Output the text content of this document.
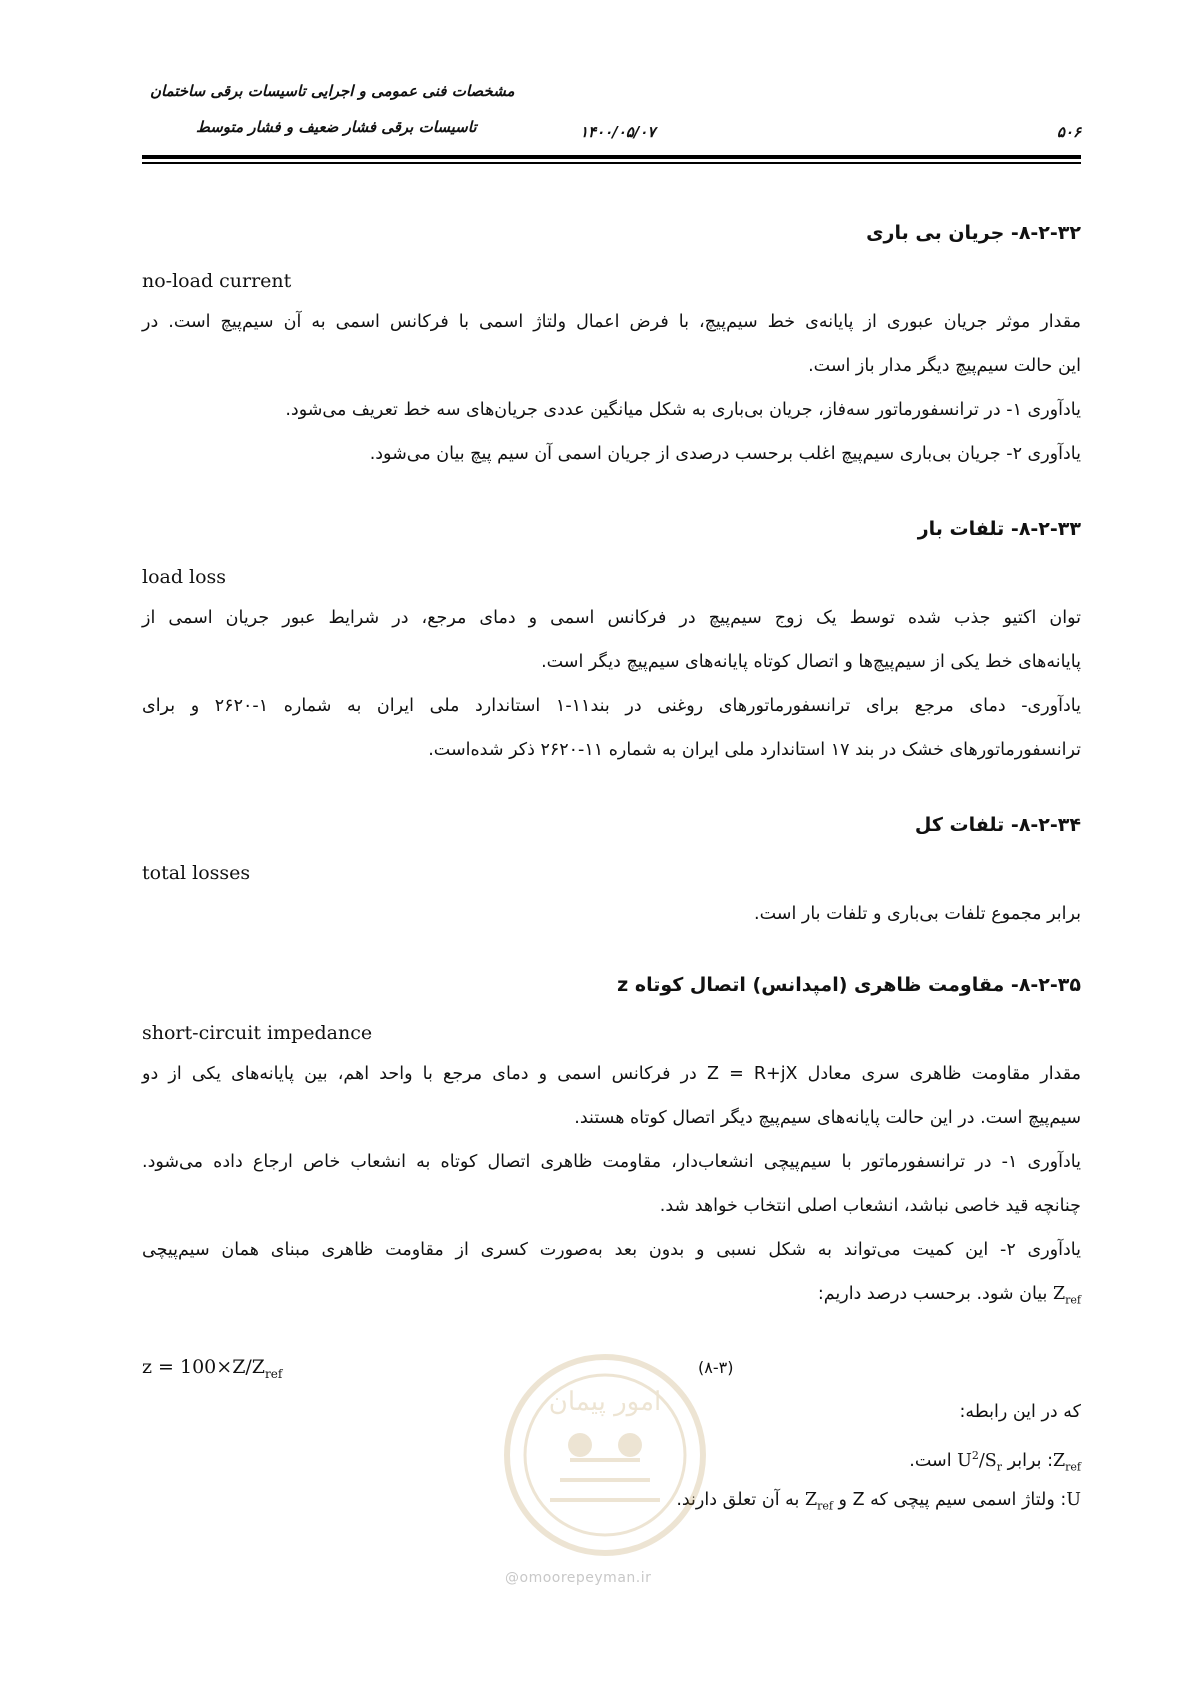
مشخصات فنی عمومی و اجرایی تاسیسات برقی ساختمان
تاسیسات برقی فشار ضعیف و فشار متوسط	۱۴۰۰/۰۵/۰۷	۵۰۶
۸-۲-۳۲- جریان بی باری
no-load current
مقدار موثر جریان عبوری از پایانه‌ی خط سیم‌پیچ، با فرض اعمال ولتاژ اسمی با فرکانس اسمی به آن سیم‌پیچ است. در
این حالت سیم‌پیچ دیگر مدار باز است.
یادآوری ۱- در ترانسفورماتور سه‌فاز، جریان بی‌باری به شکل میانگین عددی جریان‌های سه خط تعریف می‌شود.
یادآوری ۲- جریان بی‌باری سیم‌پیچ اغلب برحسب درصدی از جریان اسمی آن سیم پیچ بیان می‌شود.
۸-۲-۳۳- تلفات بار
load loss
توان اکتیو جذب شده توسط یک زوج سیم‌پیچ در فرکانس اسمی و دمای مرجع، در شرایط عبور جریان اسمی از
پایانه‌های خط یکی از سیم‌پیچ‌ها و اتصال کوتاه پایانه‌های سیم‌پیچ دیگر است.
یادآوری- دمای مرجع برای ترانسفورماتورهای روغنی در بند۱۱-۱ استاندارد ملی ایران به شماره ۱-۲۶۲۰ و برای
ترانسفورماتورهای خشک در بند ۱۷ استاندارد ملی ایران به شماره ۱۱-۲۶۲۰ ذکر شده‌است.
۸-۲-۳۴- تلفات کل
total losses
برابر مجموع تلفات بی‌باری و تلفات بار است.
۸-۲-۳۵- مقاومت ظاهری (امپدانس) اتصال کوتاه z
short-circuit impedance
مقدار مقاومت ظاهری سری معادل Z = R+jX در فرکانس اسمی و دمای مرجع با واحد اهم، بین پایانه‌های یکی از دو
سیم‌پیچ است. در این حالت پایانه‌های سیم‌پیچ دیگر اتصال کوتاه هستند.
یادآوری ۱- در ترانسفورماتور با سیم‌پیچی انشعاب‌دار، مقاومت ظاهری اتصال کوتاه به انشعاب خاص ارجاع داده می‌شود.
چنانچه قید خاصی نباشد، انشعاب اصلی انتخاب خواهد شد.
یادآوری ۲- این کمیت می‌تواند به شکل نسبی و بدون بعد به‌صورت کسری از مقاومت ظاهری مبنای همان سیم‌پیچی
$Z_{ref}$ بیان شود. برحسب درصد داریم:
$z = 100\times Z/Z_{ref}$	(۸-۳)
که در این رابطه:
$Z_{ref}$: برابر $U^2/S_r$ است.
U: ولتاژ اسمی سیم پیچی که Z و $Z_{ref}$ به آن تعلق دارند.
امور پیمان
@omoorepeyman.ir
